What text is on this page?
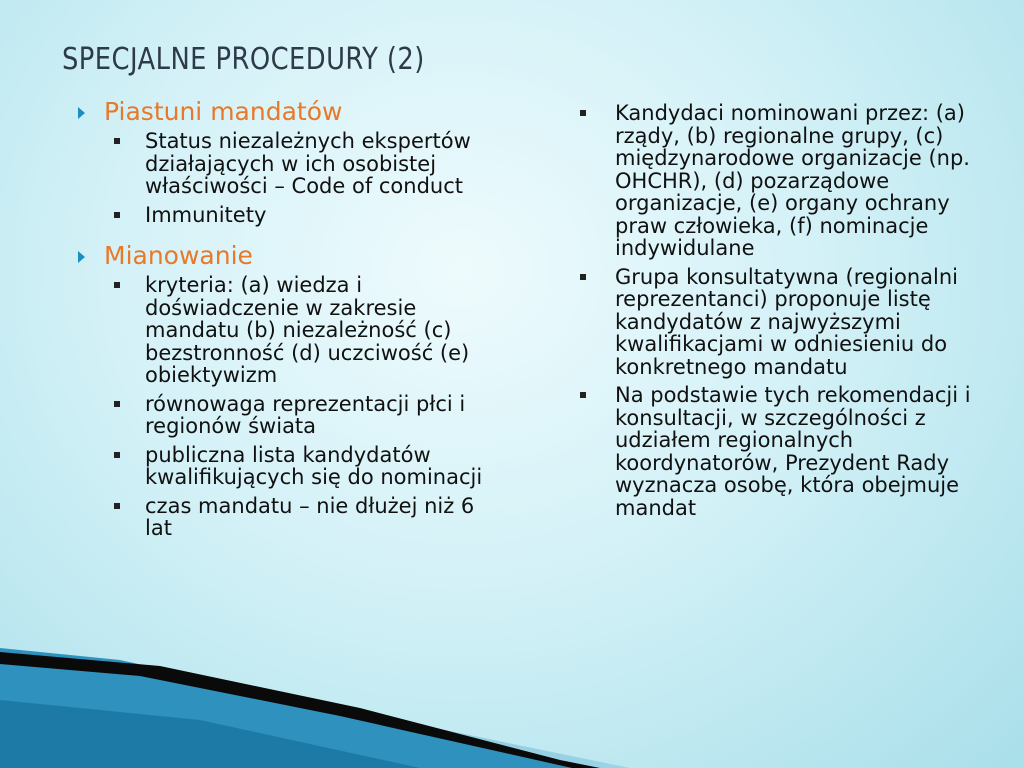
SPECJALNE PROCEDURY (2)
Piastuni mandatów
Status niezależnych ekspertów działających w ich osobistej właściwości – Code of conduct
Immunitety
Mianowanie
kryteria: (a) wiedza i doświadczenie w zakresie mandatu (b) niezależność (c) bezstronność (d) uczciwość (e) obiektywizm
równowaga reprezentacji płci i regionów świata
publiczna lista kandydatów kwalifikujących się do nominacji
czas mandatu – nie dłużej niż 6 lat
Kandydaci nominowani przez: (a) rządy, (b) regionalne grupy, (c) międzynarodowe organizacje (np. OHCHR), (d) pozarządowe organizacje, (e) organy ochrany praw człowieka, (f) nominacje indywidulane
Grupa konsultatywna (regionalni reprezentanci) proponuje listę kandydatów z najwyższymi kwalifikacjami w odniesieniu do konkretnego mandatu
Na podstawie tych rekomendacji i konsultacji, w szczególności z udziałem regionalnych koordynatorów, Prezydent Rady wyznacza osobę, która obejmuje mandat
